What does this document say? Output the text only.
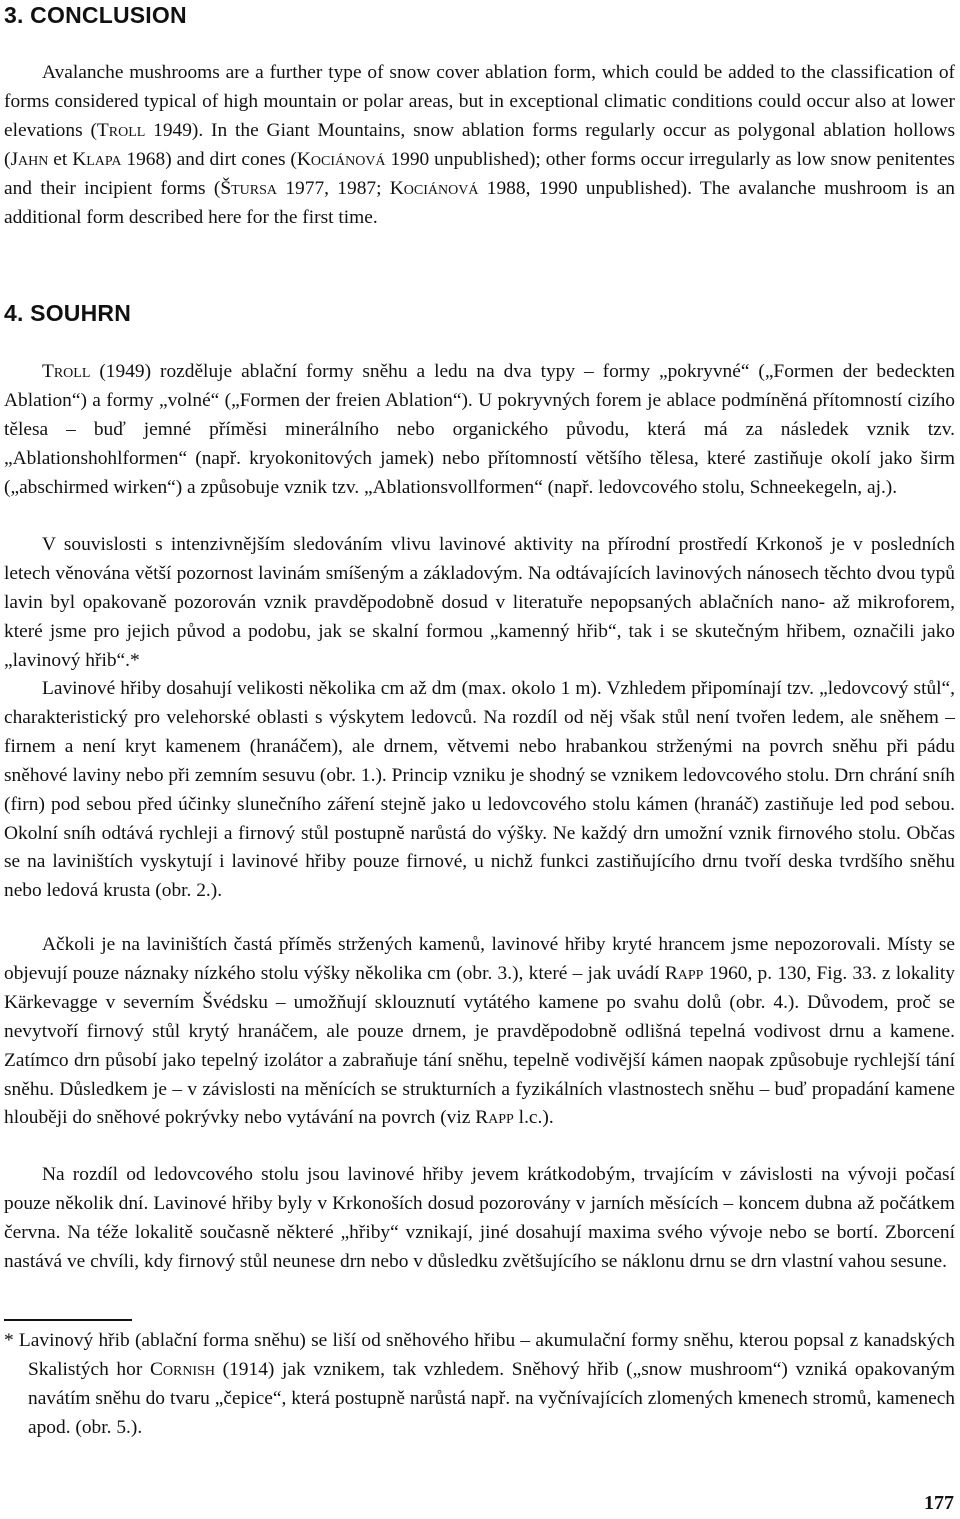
3. CONCLUSION

Avalanche mushrooms are a further type of snow cover ablation form, which could be added to the classification of forms considered typical of high mountain or polar areas, but in exceptional climatic conditions could occur also at lower elevations (Troll 1949). In the Giant Mountains, snow ablation forms regularly occur as polygonal ablation hollows (Jahn et Klapa 1968) and dirt cones (Kociánová 1990 unpublished); other forms occur irregularly as low snow penitentes and their incipient forms (Štursa 1977, 1987; Kociánová 1988, 1990 unpublished). The avalanche mushroom is an additional form described here for the first time.

4. SOUHRN

Troll (1949) rozděluje ablační formy sněhu a ledu na dva typy – formy „pokryvné“ („Formen der bedeckten Ablation“) a formy „volné“ („Formen der freien Ablation“). U pokryvných forem je ablace podmíněná přítomností cizího tělesa – buď jemné příměsi minerálního nebo organického původu, která má za následek vznik tzv. „Ablationshohlformen“ (např. kryokonitových jamek) nebo přítomností většího tělesa, které zastiňuje okolí jako širm („abschirmed wirken“) a způsobuje vznik tzv. „Ablationsvollformen“ (např. ledovcového stolu, Schneekegeln, aj.).

V souvislosti s intenzivnějším sledováním vlivu lavinové aktivity na přírodní prostředí Krkonoš je v posledních letech věnována větší pozornost lavinám smíšeným a základovým. Na odtávajících lavinových nánosech těchto dvou typů lavin byl opakovaně pozorován vznik pravděpodobně dosud v literatuře nepopsaných ablačních nano- až mikroforem, které jsme pro jejich původ a podobu, jak se skalní formou „kamenný hřib“, tak i se skutečným hřibem, označili jako „lavinový hřib“.*

Lavinové hřiby dosahují velikosti několika cm až dm (max. okolo 1 m). Vzhledem připomínají tzv. „ledovcový stůl“, charakteristický pro velehorské oblasti s výskytem ledovců. Na rozdíl od něj však stůl není tvořen ledem, ale sněhem – firnem a není kryt kamenem (hranáčem), ale drnem, větvemi nebo hrabankou strženými na povrch sněhu při pádu sněhové laviny nebo při zemním sesuvu (obr. 1.). Princip vzniku je shodný se vznikem ledovcového stolu. Drn chrání sníh (firn) pod sebou před účinky slunečního záření stejně jako u ledovcového stolu kámen (hranáč) zastiňuje led pod sebou. Okolní sníh odtává rychleji a firnový stůl postupně narůstá do výšky. Ne každý drn umožní vznik firnového stolu. Občas se na laviništích vyskytují i lavinové hřiby pouze firnové, u nichž funkci zastiňujícího drnu tvoří deska tvrdšího sněhu nebo ledová krusta (obr. 2.).

Ačkoli je na laviništích častá příměs stržených kamenů, lavinové hřiby kryté hrancem jsme nepozorovali. Místy se objevují pouze náznaky nízkého stolu výšky několika cm (obr. 3.), které – jak uvádí Rapp 1960, p. 130, Fig. 33. z lokality Kärkevagge v severním Švédsku – umožňují sklouznutí vytátého kamene po svahu dolů (obr. 4.). Důvodem, proč se nevytvoří firnový stůl krytý hranáčem, ale pouze drnem, je pravděpodobně odlišná tepelná vodivost drnu a kamene. Zatímco drn působí jako tepelný izolátor a zabraňuje tání sněhu, tepelně vodivější kámen naopak způsobuje rychlejší tání sněhu. Důsledkem je – v závislosti na měnících se strukturních a fyzikálních vlastnostech sněhu – buď propadání kamene hlouběji do sněhové pokrývky nebo vytávání na povrch (viz Rapp l.c.).

Na rozdíl od ledovcového stolu jsou lavinové hřiby jevem krátkodobým, trvajícím v závislosti na vývoji počasí pouze několik dní. Lavinové hřiby byly v Krkonoších dosud pozorovány v jarních měsících – koncem dubna až počátkem června. Na téže lokalitě současně některé „hřiby“ vznikají, jiné dosahují maxima svého vývoje nebo se bortí. Zborcení nastává ve chvíli, kdy firnový stůl neunese drn nebo v důsledku zvětšujícího se náklonu drnu se drn vlastní vahou sesune.

* Lavinový hřib (ablační forma sněhu) se liší od sněhového hřibu – akumulační formy sněhu, kterou popsal z kanadských Skalistých hor Cornish (1914) jak vznikem, tak vzhledem. Sněhový hřib („snow mushroom“) vzniká opakovaným navátím sněhu do tvaru „čepice“, která postupně narůstá např. na vyčnívajících zlomených kmenech stromů, kamenech apod. (obr. 5.).

177
